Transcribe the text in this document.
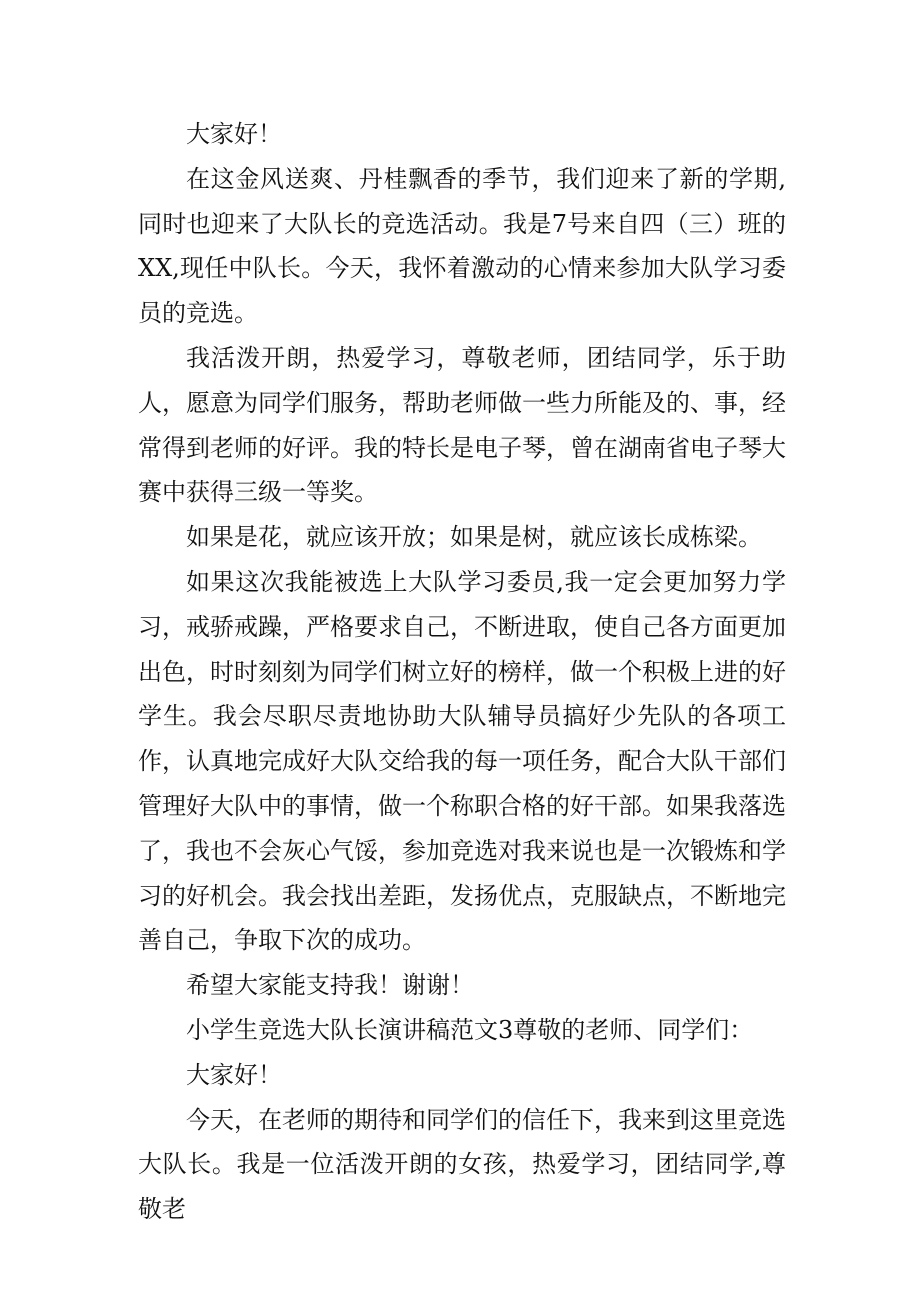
大家好！

在这金风送爽、丹桂飘香的季节，我们迎来了新的学期,同时也迎来了大队长的竞选活动。我是7号来自四（三）班的XX,现任中队长。今天，我怀着激动的心情来参加大队学习委员的竞选。

我活泼开朗，热爱学习，尊敬老师，团结同学，乐于助人，愿意为同学们服务，帮助老师做一些力所能及的、事，经常得到老师的好评。我的特长是电子琴，曾在湖南省电子琴大赛中获得三级一等奖。

如果是花，就应该开放；如果是树，就应该长成栋梁。

如果这次我能被选上大队学习委员,我一定会更加努力学习，戒骄戒躁，严格要求自己，不断进取，使自己各方面更加出色，时时刻刻为同学们树立好的榜样，做一个积极上进的好学生。我会尽职尽责地协助大队辅导员搞好少先队的各项工作，认真地完成好大队交给我的每一项任务，配合大队干部们管理好大队中的事情，做一个称职合格的好干部。如果我落选了，我也不会灰心气馁，参加竞选对我来说也是一次锻炼和学习的好机会。我会找出差距，发扬优点，克服缺点，不断地完善自己，争取下次的成功。

希望大家能支持我！谢谢！

小学生竞选大队长演讲稿范文3尊敬的老师、同学们：

大家好！

今天，在老师的期待和同学们的信任下，我来到这里竞选大队长。我是一位活泼开朗的女孩，热爱学习，团结同学,尊敬老
